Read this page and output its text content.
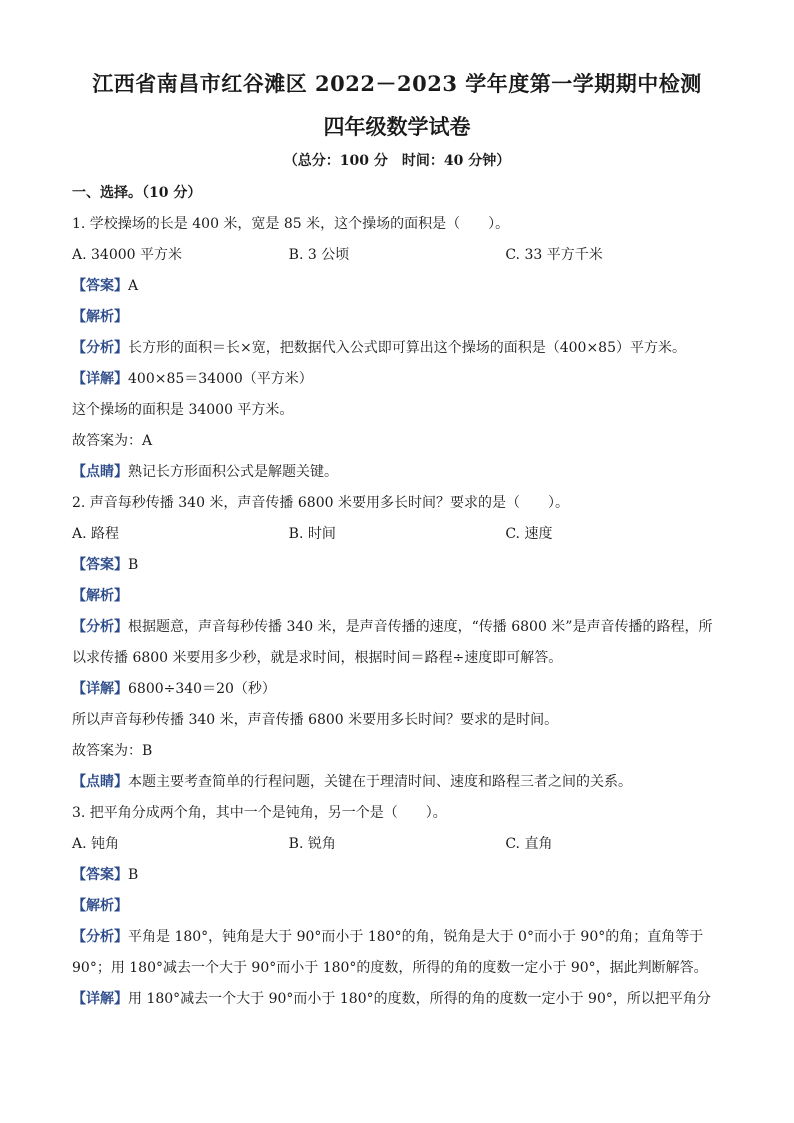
江西省南昌市红谷滩区 2022－2023 学年度第一学期期中检测
四年级数学试卷
（总分：100 分　时间：40 分钟）
一、选择。（10 分）
1. 学校操场的长是 400 米，宽是 85 米，这个操场的面积是（　　）。
A. 34000 平方米	B. 3 公顷	C. 33 平方千米
【答案】A
【解析】
【分析】长方形的面积＝长×宽，把数据代入公式即可算出这个操场的面积是（400×85）平方米。
【详解】400×85＝34000（平方米）
这个操场的面积是 34000 平方米。
故答案为：A
【点睛】熟记长方形面积公式是解题关键。
2. 声音每秒传播 340 米，声音传播 6800 米要用多长时间？要求的是（　　）。
A. 路程	B. 时间	C. 速度
【答案】B
【解析】
【分析】根据题意，声音每秒传播 340 米，是声音传播的速度，“传播 6800 米”是声音传播的路程，所以求传播 6800 米要用多少秒，就是求时间，根据时间＝路程÷速度即可解答。
【详解】6800÷340＝20（秒）
所以声音每秒传播 340 米，声音传播 6800 米要用多长时间？要求的是时间。
故答案为：B
【点睛】本题主要考查简单的行程问题，关键在于理清时间、速度和路程三者之间的关系。
3. 把平角分成两个角，其中一个是钝角，另一个是（　　）。
A. 钝角	B. 锐角	C. 直角
【答案】B
【解析】
【分析】平角是 180°，钝角是大于 90°而小于 180°的角，锐角是大于 0°而小于 90°的角；直角等于 90°；用 180°减去一个大于 90°而小于 180°的度数，所得的角的度数一定小于 90°，据此判断解答。
【详解】用 180°减去一个大于 90°而小于 180°的度数，所得的角的度数一定小于 90°，所以把平角分
